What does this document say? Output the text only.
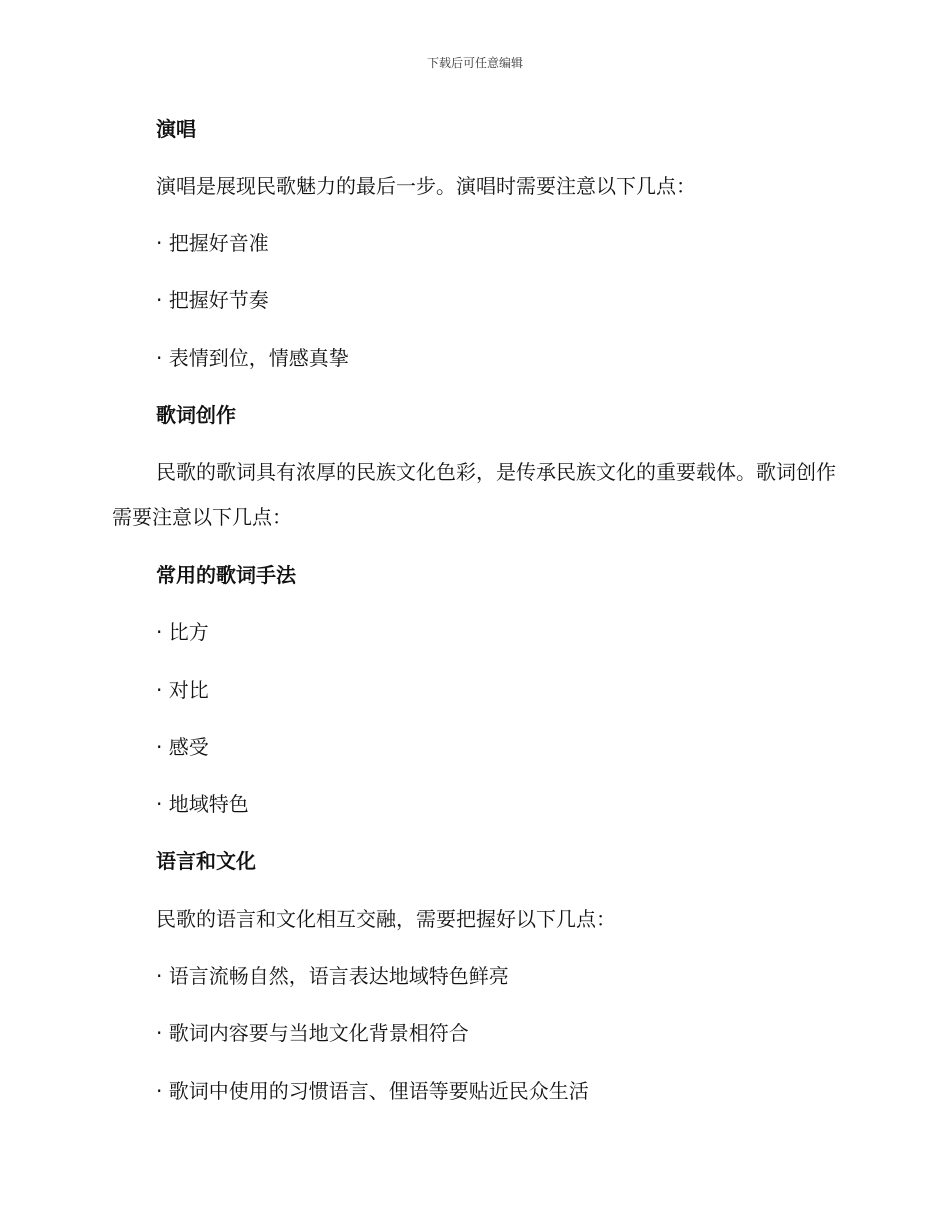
下载后可任意编辑
演唱
演唱是展现民歌魅力的最后一步。演唱时需要注意以下几点：
· 把握好音准
· 把握好节奏
· 表情到位，情感真挚
歌词创作

民歌的歌词具有浓厚的民族文化色彩，是传承民族文化的重要载体。歌词创作需要注意以下几点：

常用的歌词手法
· 比方
· 对比
· 感受
· 地域特色
语言和文化
民歌的语言和文化相互交融，需要把握好以下几点：
· 语言流畅自然，语言表达地域特色鲜亮
· 歌词内容要与当地文化背景相符合
· 歌词中使用的习惯语言、俚语等要贴近民众生活
